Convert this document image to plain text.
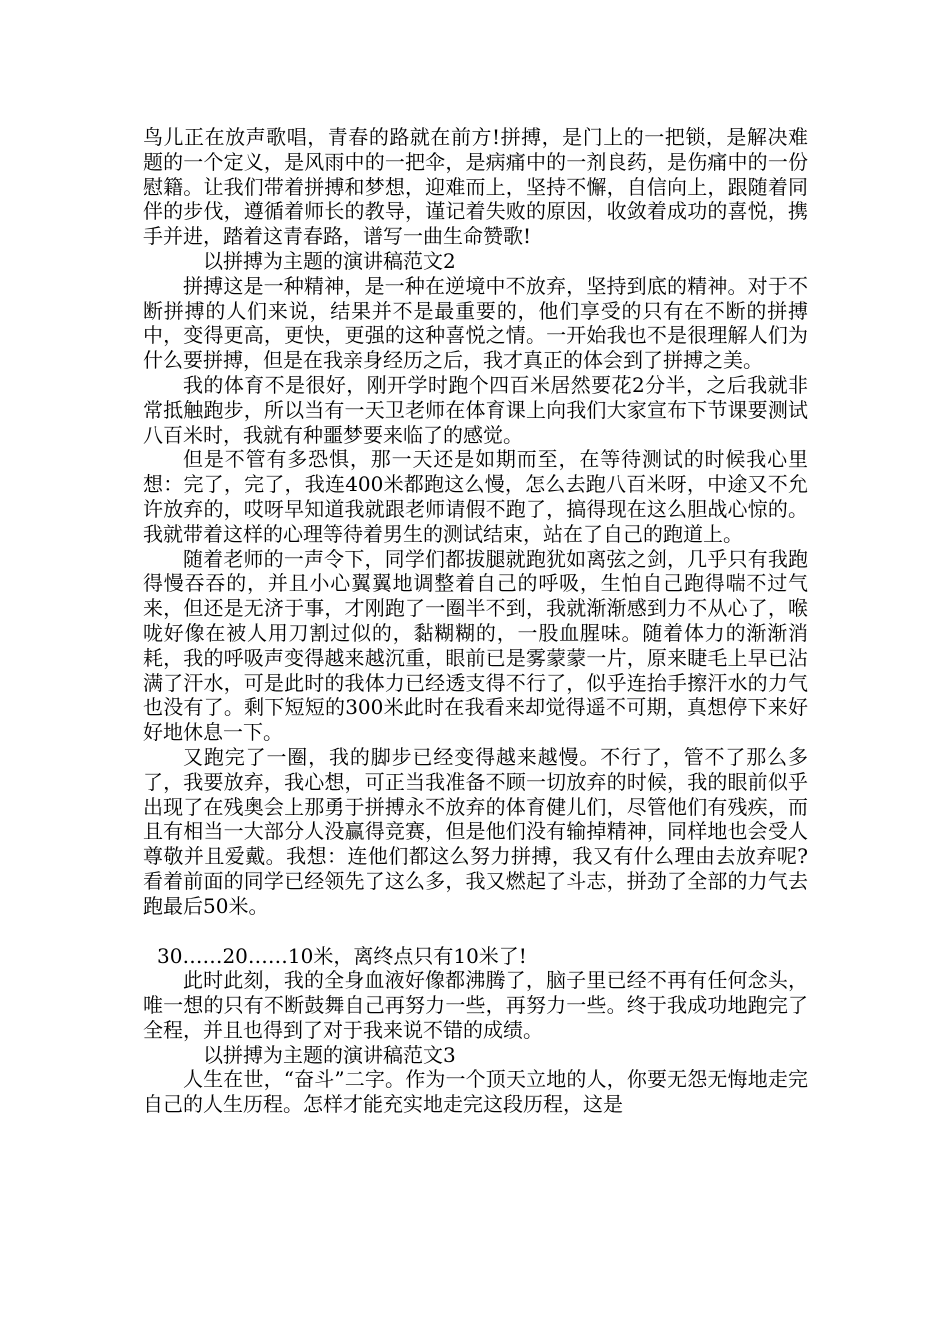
鸟儿正在放声歌唱，青春的路就在前方!拼搏，是门上的一把锁，是解决难题的一个定义，是风雨中的一把伞，是病痛中的一剂良药，是伤痛中的一份慰籍。让我们带着拼搏和梦想，迎难而上，坚持不懈，自信向上，跟随着同伴的步伐，遵循着师长的教导，谨记着失败的原因，收敛着成功的喜悦，携手并进，踏着这青春路，谱写一曲生命赞歌!

以拼搏为主题的演讲稿范文2

拼搏这是一种精神，是一种在逆境中不放弃，坚持到底的精神。对于不断拼搏的人们来说，结果并不是最重要的，他们享受的只有在不断的拼搏中，变得更高，更快，更强的这种喜悦之情。一开始我也不是很理解人们为什么要拼搏，但是在我亲身经历之后，我才真正的体会到了拼搏之美。

我的体育不是很好，刚开学时跑个四百米居然要花2分半，之后我就非常抵触跑步，所以当有一天卫老师在体育课上向我们大家宣布下节课要测试八百米时，我就有种噩梦要来临了的感觉。

但是不管有多恐惧，那一天还是如期而至，在等待测试的时候我心里想：完了，完了，我连400米都跑这么慢，怎么去跑八百米呀，中途又不允许放弃的，哎呀早知道我就跟老师请假不跑了，搞得现在这么胆战心惊的。我就带着这样的心理等待着男生的测试结束，站在了自己的跑道上。

随着老师的一声令下，同学们都拔腿就跑犹如离弦之剑，几乎只有我跑得慢吞吞的，并且小心翼翼地调整着自己的呼吸，生怕自己跑得喘不过气来，但还是无济于事，才刚跑了一圈半不到，我就渐渐感到力不从心了，喉咙好像在被人用刀割过似的，黏糊糊的，一股血腥味。随着体力的渐渐消耗，我的呼吸声变得越来越沉重，眼前已是雾蒙蒙一片，原来睫毛上早已沾满了汗水，可是此时的我体力已经透支得不行了，似乎连抬手擦汗水的力气也没有了。剩下短短的300米此时在我看来却觉得遥不可期，真想停下来好好地休息一下。

又跑完了一圈，我的脚步已经变得越来越慢。不行了，管不了那么多了，我要放弃，我心想，可正当我准备不顾一切放弃的时候，我的眼前似乎出现了在残奥会上那勇于拼搏永不放弃的体育健儿们，尽管他们有残疾，而且有相当一大部分人没赢得竞赛，但是他们没有输掉精神，同样地也会受人尊敬并且爱戴。我想：连他们都这么努力拼搏，我又有什么理由去放弃呢?看着前面的同学已经领先了这么多，我又燃起了斗志，拼劲了全部的力气去跑最后50米。

30……20……10米，离终点只有10米了!

此时此刻，我的全身血液好像都沸腾了，脑子里已经不再有任何念头，唯一想的只有不断鼓舞自己再努力一些，再努力一些。终于我成功地跑完了全程，并且也得到了对于我来说不错的成绩。

以拼搏为主题的演讲稿范文3

人生在世，“奋斗”二字。作为一个顶天立地的人，你要无怨无悔地走完自己的人生历程。怎样才能充实地走完这段历程，这是
